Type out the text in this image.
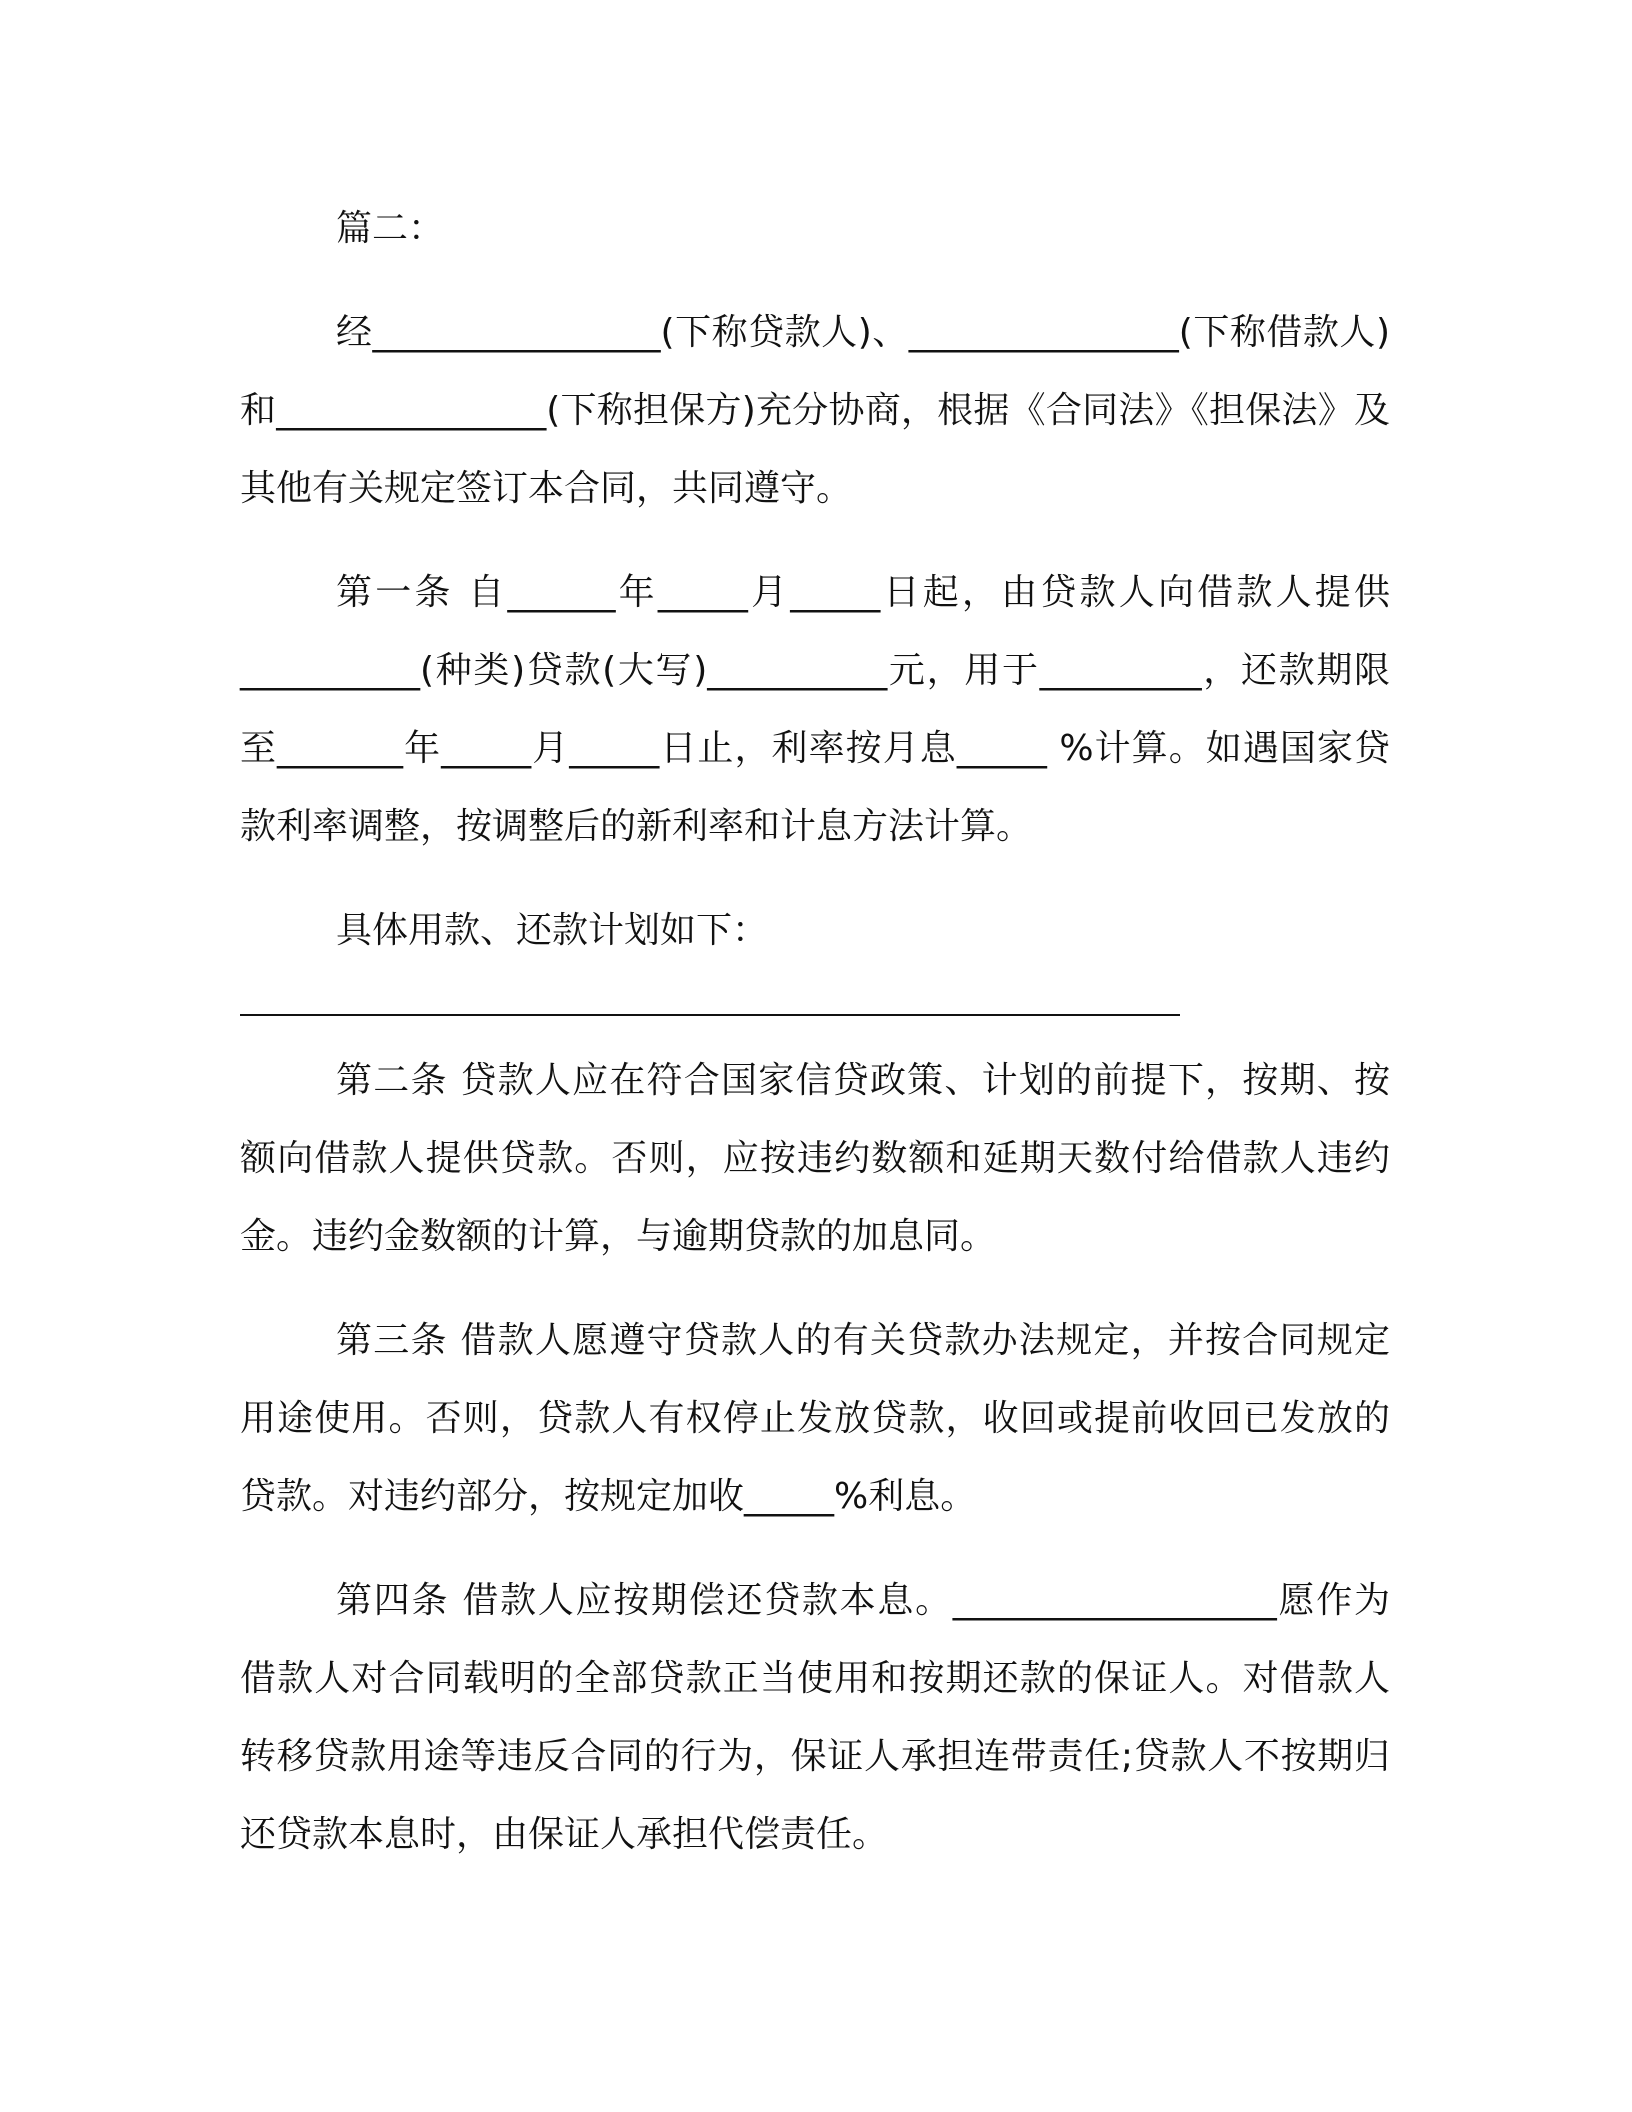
篇二：

经________________(下称贷款人)、_______________(下称借款人)和_______________(下称担保方)充分协商，根据《合同法》《担保法》及其他有关规定签订本合同，共同遵守。

第一条 自______年_____月_____日起，由贷款人向借款人提供__________(种类)贷款(大写)__________元，用于_________，还款期限至_______年_____月_____日止，利率按月息_____ %计算。如遇国家贷款利率调整，按调整后的新利率和计息方法计算。

具体用款、还款计划如下：

第二条 贷款人应在符合国家信贷政策、计划的前提下，按期、按额向借款人提供贷款。否则，应按违约数额和延期天数付给借款人违约金。违约金数额的计算，与逾期贷款的加息同。

第三条 借款人愿遵守贷款人的有关贷款办法规定，并按合同规定用途使用。否则，贷款人有权停止发放贷款，收回或提前收回已发放的贷款。对违约部分，按规定加收_____%利息。

第四条 借款人应按期偿还贷款本息。__________________愿作为借款人对合同载明的全部贷款正当使用和按期还款的保证人。对借款人转移贷款用途等违反合同的行为，保证人承担连带责任;贷款人不按期归还贷款本息时，由保证人承担代偿责任。
